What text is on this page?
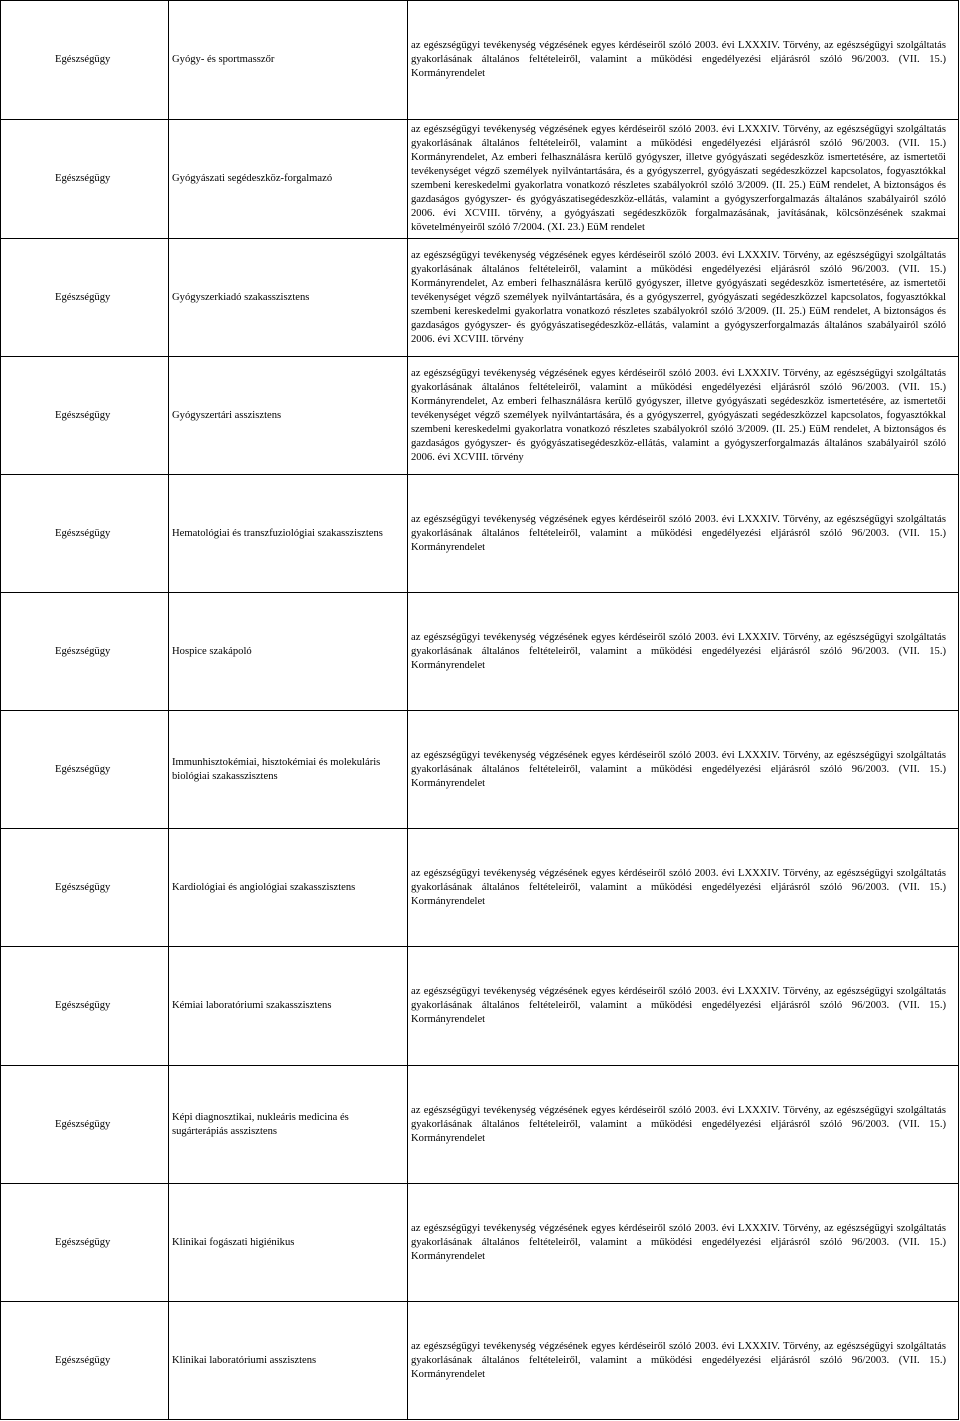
Egészségügy	Gyógy- és sportmasszőr	az egészségügyi tevékenység végzésének egyes kérdéseiről szóló 2003. évi LXXXIV. Törvény, az egészségügyi szolgáltatás gyakorlásának általános feltételeiről, valamint a működési engedélyezési eljárásról szóló 96/2003. (VII. 15.) Kormányrendelet

Egészségügy	Gyógyászati segédeszköz-forgalmazó	az egészségügyi tevékenység végzésének egyes kérdéseiről szóló 2003. évi LXXXIV. Törvény, az egészségügyi szolgáltatás gyakorlásának általános feltételeiről, valamint a működési engedélyezési eljárásról szóló 96/2003. (VII. 15.) Kormányrendelet, Az emberi felhasználásra kerülő gyógyszer, illetve gyógyászati segédeszköz ismertetésére, az ismertetői tevékenységet végző személyek nyilvántartására, és a gyógyszerrel, gyógyászati segédeszközzel kapcsolatos, fogyasztókkal szembeni kereskedelmi gyakorlatra vonatkozó részletes szabályokról szóló 3/2009. (II. 25.) EüM rendelet, A biztonságos és gazdaságos gyógyszer- és gyógyászatisegédeszköz-ellátás, valamint a gyógyszerforgalmazás általános szabályairól szóló 2006. évi XCVIII. törvény, a gyógyászati segédeszközök forgalmazásának, javításának, kölcsönzésének szakmai követelményeiről szóló 7/2004. (XI. 23.) EüM rendelet

Egészségügy	Gyógyszerkiadó szakasszisztens	az egészségügyi tevékenység végzésének egyes kérdéseiről szóló 2003. évi LXXXIV. Törvény, az egészségügyi szolgáltatás gyakorlásának általános feltételeiről, valamint a működési engedélyezési eljárásról szóló 96/2003. (VII. 15.) Kormányrendelet, Az emberi felhasználásra kerülő gyógyszer, illetve gyógyászati segédeszköz ismertetésére, az ismertetői tevékenységet végző személyek nyilvántartására, és a gyógyszerrel, gyógyászati segédeszközzel kapcsolatos, fogyasztókkal szembeni kereskedelmi gyakorlatra vonatkozó részletes szabályokról szóló 3/2009. (II. 25.) EüM rendelet, A biztonságos és gazdaságos gyógyszer- és gyógyászatisegédeszköz-ellátás, valamint a gyógyszerforgalmazás általános szabályairól szóló 2006. évi XCVIII. törvény

Egészségügy	Gyógyszertári asszisztens	az egészségügyi tevékenység végzésének egyes kérdéseiről szóló 2003. évi LXXXIV. Törvény, az egészségügyi szolgáltatás gyakorlásának általános feltételeiről, valamint a működési engedélyezési eljárásról szóló 96/2003. (VII. 15.) Kormányrendelet, Az emberi felhasználásra kerülő gyógyszer, illetve gyógyászati segédeszköz ismertetésére, az ismertetői tevékenységet végző személyek nyilvántartására, és a gyógyszerrel, gyógyászati segédeszközzel kapcsolatos, fogyasztókkal szembeni kereskedelmi gyakorlatra vonatkozó részletes szabályokról szóló 3/2009. (II. 25.) EüM rendelet, A biztonságos és gazdaságos gyógyszer- és gyógyászatisegédeszköz-ellátás, valamint a gyógyszerforgalmazás általános szabályairól szóló 2006. évi XCVIII. törvény

Egészségügy	Hematológiai és transzfuziológiai szakasszisztens	az egészségügyi tevékenység végzésének egyes kérdéseiről szóló 2003. évi LXXXIV. Törvény, az egészségügyi szolgáltatás gyakorlásának általános feltételeiről, valamint a működési engedélyezési eljárásról szóló 96/2003. (VII. 15.) Kormányrendelet

Egészségügy	Hospice szakápoló	az egészségügyi tevékenység végzésének egyes kérdéseiről szóló 2003. évi LXXXIV. Törvény, az egészségügyi szolgáltatás gyakorlásának általános feltételeiről, valamint a működési engedélyezési eljárásról szóló 96/2003. (VII. 15.) Kormányrendelet

Egészségügy	Immunhisztokémiai, hisztokémiai és molekuláris biológiai szakasszisztens	az egészségügyi tevékenység végzésének egyes kérdéseiről szóló 2003. évi LXXXIV. Törvény, az egészségügyi szolgáltatás gyakorlásának általános feltételeiről, valamint a működési engedélyezési eljárásról szóló 96/2003. (VII. 15.) Kormányrendelet

Egészségügy	Kardiológiai és angiológiai szakasszisztens	az egészségügyi tevékenység végzésének egyes kérdéseiről szóló 2003. évi LXXXIV. Törvény, az egészségügyi szolgáltatás gyakorlásának általános feltételeiről, valamint a működési engedélyezési eljárásról szóló 96/2003. (VII. 15.) Kormányrendelet

Egészségügy	Kémiai laboratóriumi szakasszisztens	az egészségügyi tevékenység végzésének egyes kérdéseiről szóló 2003. évi LXXXIV. Törvény, az egészségügyi szolgáltatás gyakorlásának általános feltételeiről, valamint a működési engedélyezési eljárásról szóló 96/2003. (VII. 15.) Kormányrendelet

Egészségügy	Képi diagnosztikai, nukleáris medicina és sugárterápiás asszisztens	az egészségügyi tevékenység végzésének egyes kérdéseiről szóló 2003. évi LXXXIV. Törvény, az egészségügyi szolgáltatás gyakorlásának általános feltételeiről, valamint a működési engedélyezési eljárásról szóló 96/2003. (VII. 15.) Kormányrendelet

Egészségügy	Klinikai fogászati higiénikus	az egészségügyi tevékenység végzésének egyes kérdéseiről szóló 2003. évi LXXXIV. Törvény, az egészségügyi szolgáltatás gyakorlásának általános feltételeiről, valamint a működési engedélyezési eljárásról szóló 96/2003. (VII. 15.) Kormányrendelet

Egészségügy	Klinikai laboratóriumi asszisztens	az egészségügyi tevékenység végzésének egyes kérdéseiről szóló 2003. évi LXXXIV. Törvény, az egészségügyi szolgáltatás gyakorlásának általános feltételeiről, valamint a működési engedélyezési eljárásról szóló 96/2003. (VII. 15.) Kormányrendelet
